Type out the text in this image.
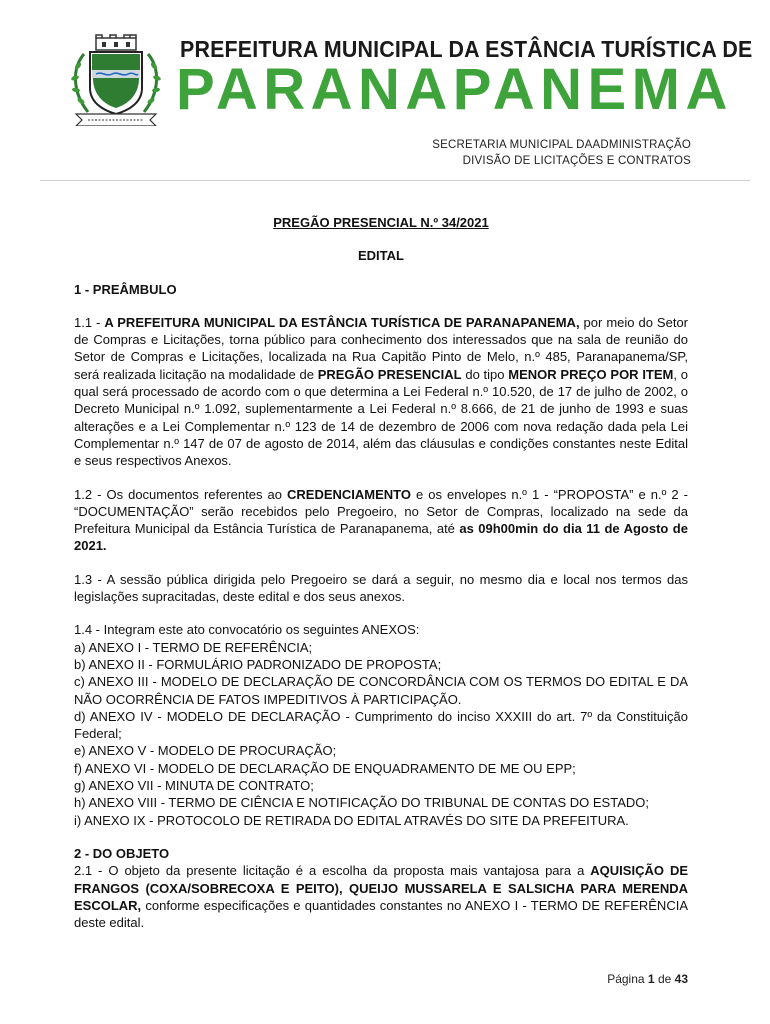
PREFEITURA MUNICIPAL DA ESTÂNCIA TURÍSTICA DE
PARANAPANEMA
SECRETARIA MUNICIPAL DAADMINISTRAÇÃO
DIVISÃO DE LICITAÇÕES E CONTRATOS
PREGÃO PRESENCIAL N.º 34/2021
EDITAL
1 - PREÂMBULO

1.1 - A PREFEITURA MUNICIPAL DA ESTÂNCIA TURÍSTICA DE PARANAPANEMA, por meio do Setor de Compras e Licitações, torna público para conhecimento dos interessados que na sala de reunião do Setor de Compras e Licitações, localizada na Rua Capitão Pinto de Melo, n.º 485, Paranapanema/SP, será realizada licitação na modalidade de PREGÃO PRESENCIAL do tipo MENOR PREÇO POR ITEM, o qual será processado de acordo com o que determina a Lei Federal n.º 10.520, de 17 de julho de 2002, o Decreto Municipal n.º 1.092, suplementarmente a Lei Federal n.º 8.666, de 21 de junho de 1993 e suas alterações e a Lei Complementar n.º 123 de 14 de dezembro de 2006 com nova redação dada pela Lei Complementar n.º 147 de 07 de agosto de 2014, além das cláusulas e condições constantes neste Edital e seus respectivos Anexos.

1.2 - Os documentos referentes ao CREDENCIAMENTO e os envelopes n.º 1 - “PROPOSTA” e n.º 2 - “DOCUMENTAÇÃO” serão recebidos pelo Pregoeiro, no Setor de Compras, localizado na sede da Prefeitura Municipal da Estância Turística de Paranapanema, até as 09h00min do dia 11 de Agosto de 2021.

1.3 - A sessão pública dirigida pelo Pregoeiro se dará a seguir, no mesmo dia e local nos termos das legislações supracitadas, deste edital e dos seus anexos.

1.4 - Integram este ato convocatório os seguintes ANEXOS:

a) ANEXO I - TERMO DE REFERÊNCIA;
b) ANEXO II - FORMULÁRIO PADRONIZADO DE PROPOSTA;
c) ANEXO III - MODELO DE DECLARAÇÃO DE CONCORDÂNCIA COM OS TERMOS DO EDITAL E DA NÃO OCORRÊNCIA DE FATOS IMPEDITIVOS À PARTICIPAÇÃO.
d) ANEXO IV - MODELO DE DECLARAÇÃO - Cumprimento do inciso XXXIII do art. 7º da Constituição Federal;
e) ANEXO V - MODELO DE PROCURAÇÃO;
f) ANEXO VI - MODELO DE DECLARAÇÃO DE ENQUADRAMENTO DE ME OU EPP;
g) ANEXO VII - MINUTA DE CONTRATO;
h) ANEXO VIII - TERMO DE CIÊNCIA E NOTIFICAÇÃO DO TRIBUNAL DE CONTAS DO ESTADO;
i) ANEXO IX - PROTOCOLO DE RETIRADA DO EDITAL ATRAVÉS DO SITE DA PREFEITURA.
2 - DO OBJETO

2.1 - O objeto da presente licitação é a escolha da proposta mais vantajosa para a AQUISIÇÃO DE FRANGOS (COXA/SOBRECOXA E PEITO), QUEIJO MUSSARELA E SALSICHA PARA MERENDA ESCOLAR, conforme especificações e quantidades constantes no ANEXO I - TERMO DE REFERÊNCIA deste edital.

Página 1 de 43
